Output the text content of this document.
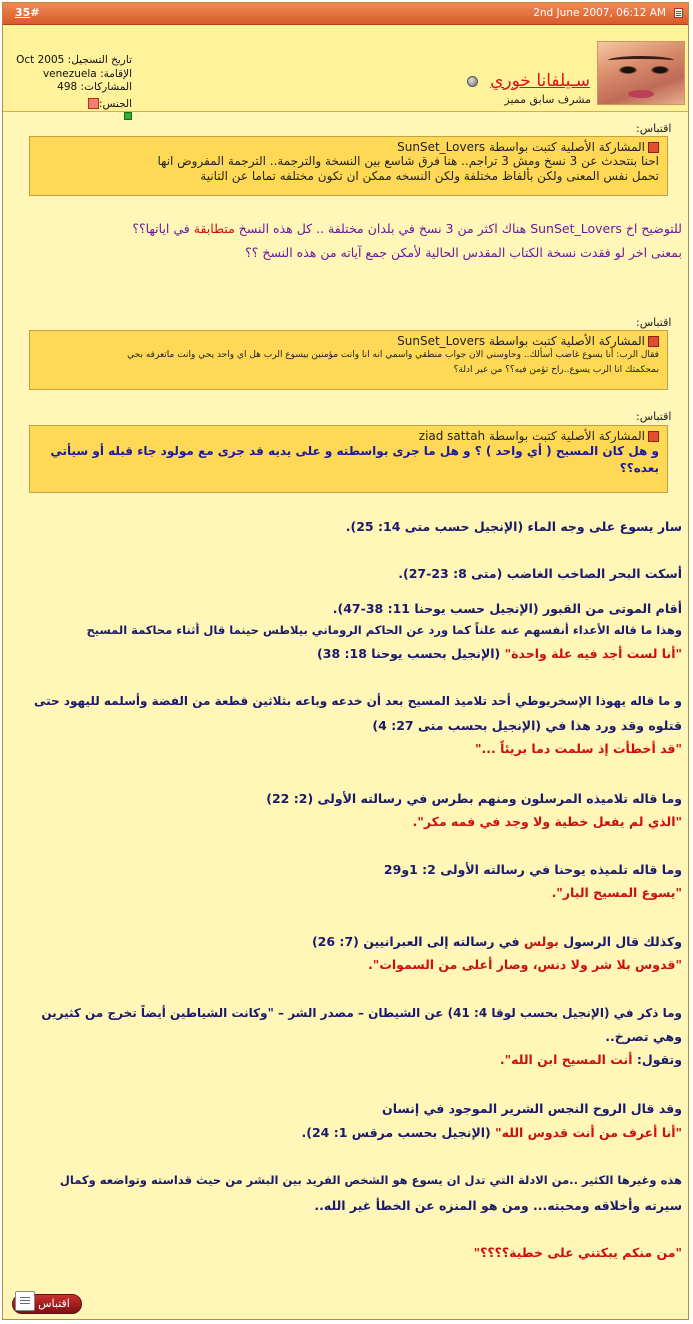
35#	2nd June 2007, 06:12 AM
سـيلفانا خوري
مشرف سابق مميز
تاريخ التسجيل: Oct 2005
الإقامة: venezuela
المشاركات: 498
الجنس:
اقتباس:
المشاركة الأصلية كتبت بواسطة SunSet_Lovers
احنا بنتحدث عن 3 نسخ ومش 3 تراجم.. هنا فرق شاسع بين النسخة والترجمة.. الترجمة المفروض انها
تحمل نفس المعنى ولكن بألفاظ مختلفة ولكن النسخه ممكن ان تكون مختلفه تماما عن التانية
للتوضيح اخ SunSet_Lovers هناك اكثر من 3 نسخ في بلدان مختلفة .. كل هذه النسخ متطابقة في اياتها؟؟
بمعنى اخر لو فقدت نسخة الكتاب المقدس الحالية لأمكن جمع آياته من هذه النسخ ؟؟
اقتباس:
المشاركة الأصلية كتبت بواسطة SunSet_Lovers
فقال الرب: أنا يسوع غاضب أسألك.. وحاوسني الان جواب منطقي واسمي انه انا وانت مؤمنين بيسوع الرب هل اي واحد يحي وانت ماتعرفه بحي
بمحكمتك انا الرب يسوع..راح تؤمن فيه؟؟ من غير ادلة؟
اقتباس:
المشاركة الأصلية كتبت بواسطة ziad sattah
و هل كان المسيح ( أي واحد ) ؟ و هل ما جرى بواسطته و على يديه قد جرى مع مولود جاء قبله أو سيأتي
بعده؟؟
سار يسوع على وجه الماء (الإنجيل حسب متى 14: 25).
أسكت البحر الصاخب الغاضب (متى 8: 23-27).
أقام الموتى من القبور (الإنجيل حسب يوحنا 11: 38-47).
وهذا ما قاله الأعداء أنفسهم عنه علناً كما ورد عن الحاكم الروماني بيلاطس حينما قال أثناء محاكمة المسيح
"أنا لست أجد فيه علة واحدة" (الإنجيل بحسب يوحنا 18: 38)
و ما قاله يهوذا الإسخريوطي أحد تلاميذ المسيح بعد أن خدعه وباعه بثلاثين قطعة من الفضة وأسلمه لليهود حتى
قتلوه وقد ورد هذا في (الإنجيل بحسب متى 27: 4)
"قد أخطأت إذ سلمت دما بريئاً ..."
وما قاله تلاميذه المرسلون ومنهم بطرس في رسالته الأولى (2: 22)
"الذي لم يفعل خطية ولا وجد في فمه مكر".
وما قاله تلميذه يوحنا في رسالته الأولى 2: 1و29
"يسوع المسيح البار".
وكذلك قال الرسول بولس في رسالته إلى العبرانيين (7: 26)
"قدوس بلا شر ولا دنس، وصار أعلى من السموات".
وما ذكر في (الإنجيل بحسب لوقا 4: 41) عن الشيطان – مصدر الشر – "وكانت الشياطين أيضاً تخرج من كثيرين
وهي تصرخ..
وتقول: أنت المسيح ابن الله".
وقد قال الروح النجس الشرير الموجود في إنسان
"أنا أعرف من أنت قدوس الله" (الإنجيل بحسب مرقس 1: 24).
هذه وغيرها الكثير ..من الادلة التي تدل ان يسوع هو الشخص الفريد بين البشر من حيث قداسته وتواضعه وكمال
سيرته وأخلاقه ومحبته... ومن هو المنزه عن الخطأ غير الله..
"من منكم يبكتني على خطية؟؟؟؟"
اقتباس
